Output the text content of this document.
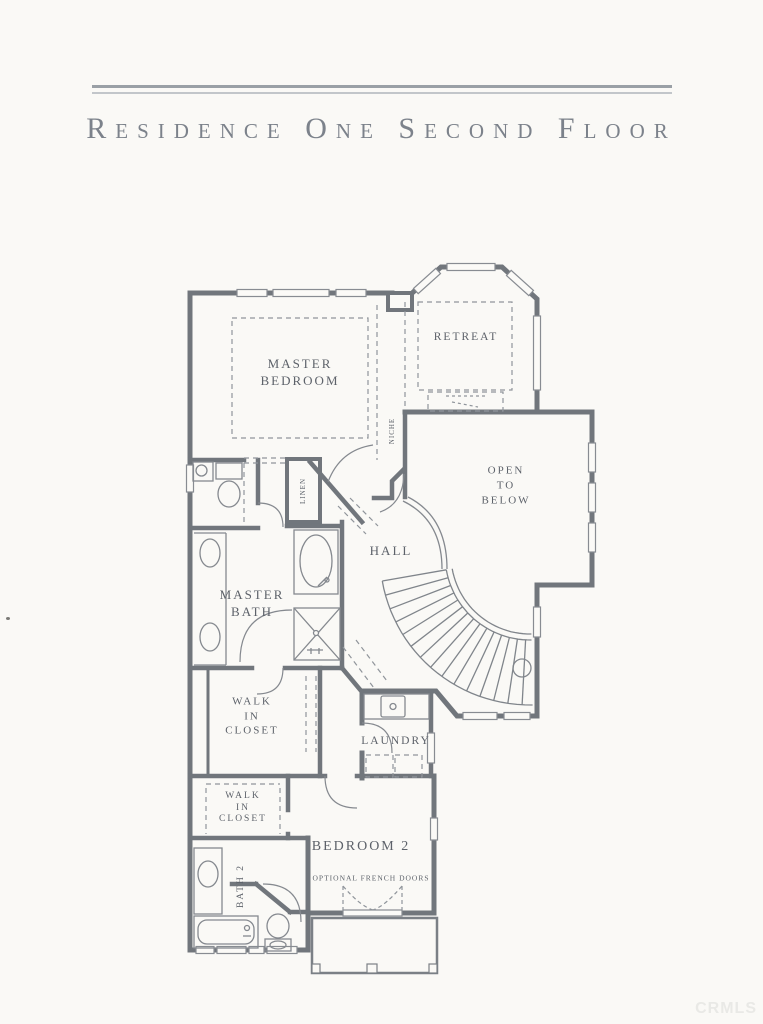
Residence One Second Floor
MASTER
BEDROOM
RETREAT
OPEN
TO
BELOW
HALL
NICHE
LINEN
MASTER
BATH
WALK
IN
CLOSET
LAUNDRY
WALK
IN
CLOSET
BATH 2
BEDROOM 2
OPTIONAL FRENCH DOORS
CRMLS
